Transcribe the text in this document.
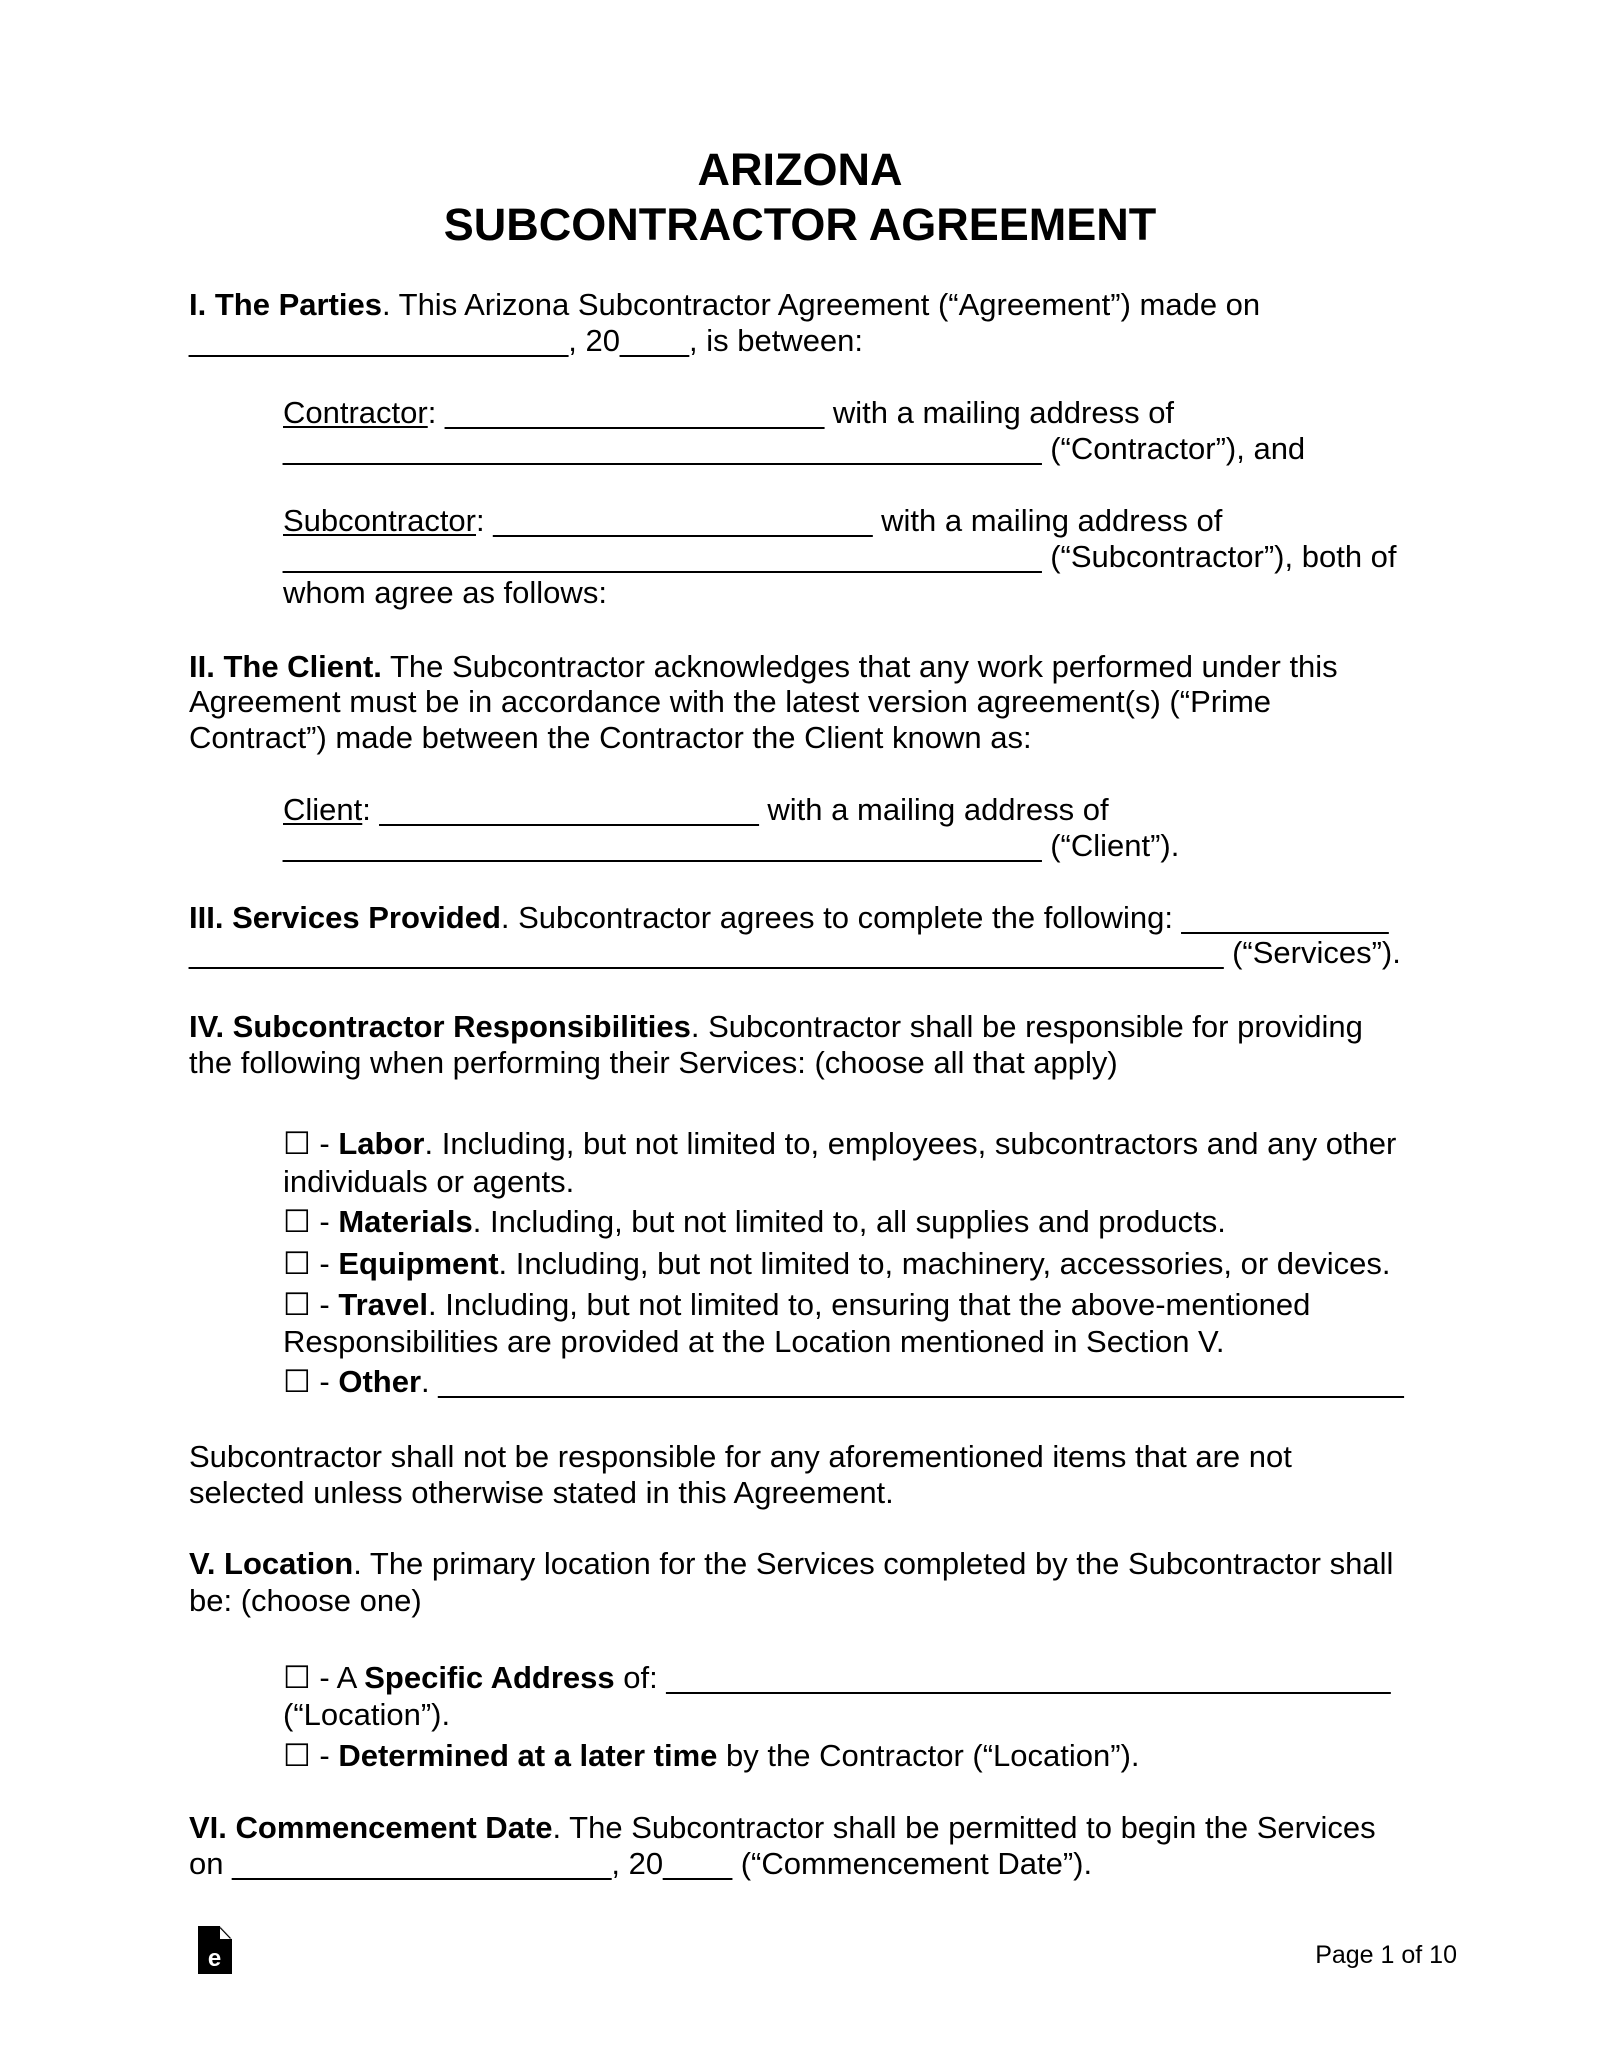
ARIZONA
SUBCONTRACTOR AGREEMENT
I. The Parties. This Arizona Subcontractor Agreement (“Agreement”) made on
______________________, 20____, is between:
Contractor: ______________________ with a mailing address of
____________________________________________ (“Contractor”), and
Subcontractor: ______________________ with a mailing address of
____________________________________________ (“Subcontractor”), both of
whom agree as follows:
II. The Client. The Subcontractor acknowledges that any work performed under this
Agreement must be in accordance with the latest version agreement(s) (“Prime
Contract”) made between the Contractor the Client known as:
Client: ______________________ with a mailing address of
____________________________________________ (“Client”).
III. Services Provided. Subcontractor agrees to complete the following: ____________
____________________________________________________________ (“Services”).
IV. Subcontractor Responsibilities. Subcontractor shall be responsible for providing
the following when performing their Services: (choose all that apply)
☐ - Labor. Including, but not limited to, employees, subcontractors and any other
individuals or agents.
☐ - Materials. Including, but not limited to, all supplies and products.
☐ - Equipment. Including, but not limited to, machinery, accessories, or devices.
☐ - Travel. Including, but not limited to, ensuring that the above-mentioned
Responsibilities are provided at the Location mentioned in Section V.
☐ - Other. ________________________________________________________
Subcontractor shall not be responsible for any aforementioned items that are not
selected unless otherwise stated in this Agreement.
V. Location. The primary location for the Services completed by the Subcontractor shall
be: (choose one)
☐ - A Specific Address of: __________________________________________
(“Location”).
☐ - Determined at a later time by the Contractor (“Location”).
VI. Commencement Date. The Subcontractor shall be permitted to begin the Services
on ______________________, 20____ (“Commencement Date”).
e	Page 1 of 10
